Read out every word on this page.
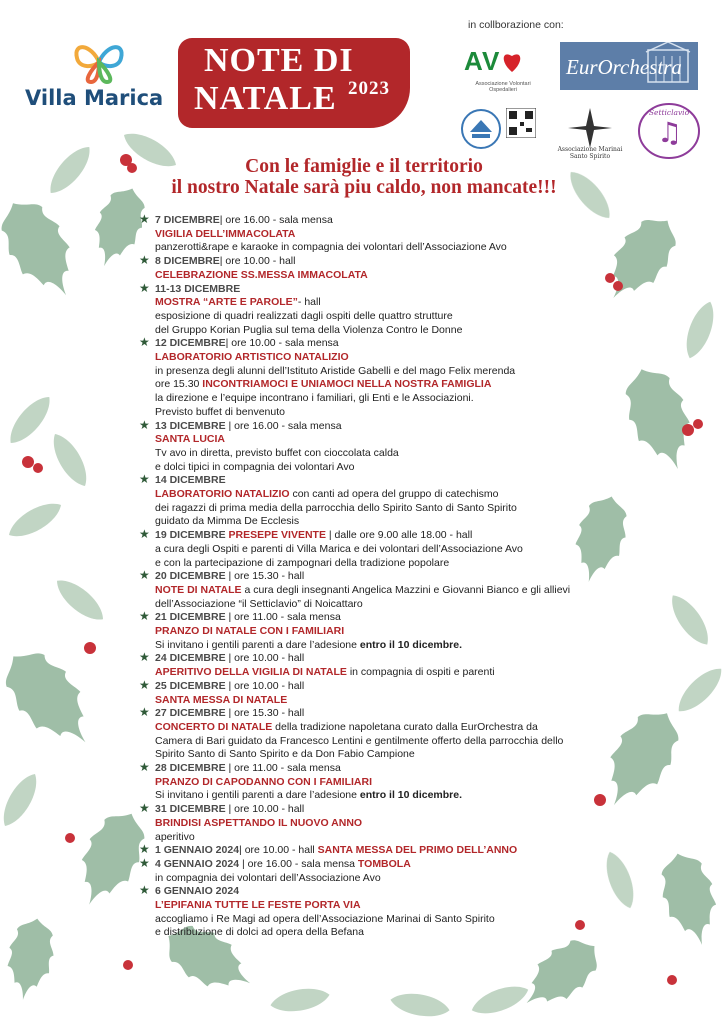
Villa Marica
NOTE DI
NATALE 2023
in collborazione con:
A V
Associazione Volontari Ospedalieri
EurOrchestra
Associazione Marinai Santo Spirito
♫
Setticlavio
Con le famiglie e il territorio
il nostro Natale sarà piu caldo, non mancate!!!
★ 7 DICEMBRE| ore 16.00 - sala mensa
VIGILIA DELL’IMMACOLATA
panzerotti&rape e karaoke in compagnia dei volontari dell’Associazione Avo
★ 8 DICEMBRE| ore 10.00 - hall
CELEBRAZIONE SS.MESSA IMMACOLATA
★ 11-13 DICEMBRE
MOSTRA “ARTE E PAROLE”- hall
esposizione di quadri realizzati dagli ospiti delle quattro strutture
del Gruppo Korian Puglia sul tema della Violenza Contro le Donne
★ 12 DICEMBRE| ore 10.00 - sala mensa
LABORATORIO ARTISTICO NATALIZIO
in presenza degli alunni dell’Istituto Aristide Gabelli e del mago Felix merenda
ore 15.30 INCONTRIAMOCI E UNIAMOCI NELLA NOSTRA FAMIGLIA
la direzione e l’equipe incontrano i familiari, gli Enti e le Associazioni.
Previsto buffet di benvenuto
★ 13 DICEMBRE | ore 16.00 - sala mensa
SANTA LUCIA
Tv avo in diretta, previsto buffet con cioccolata calda
e dolci tipici in compagnia dei volontari Avo
★ 14 DICEMBRE
LABORATORIO NATALIZIO con canti ad opera del gruppo di catechismo
dei ragazzi di prima media della parrocchia dello Spirito Santo di Santo Spirito
guidato da Mimma De Ecclesis
★ 19 DICEMBRE PRESEPE VIVENTE | dalle ore 9.00 alle 18.00 - hall
a cura degli Ospiti e parenti di Villa Marica e dei volontari dell’Associazione Avo
e con la partecipazione di zampognari della tradizione popolare
★ 20 DICEMBRE | ore 15.30 - hall
NOTE DI NATALE a cura degli insegnanti Angelica Mazzini e Giovanni Bianco e gli allievi
dell’Associazione “il Setticlavio” di Noicattaro
★ 21 DICEMBRE | ore 11.00 - sala mensa
PRANZO DI NATALE CON I FAMILIARI
Si invitano i gentili parenti a dare l’adesione entro il 10 dicembre.
★ 24 DICEMBRE | ore 10.00 - hall
APERITIVO DELLA VIGILIA DI NATALE in compagnia di ospiti e parenti
★ 25 DICEMBRE | ore 10.00 - hall
SANTA MESSA DI NATALE
★ 27 DICEMBRE | ore 15.30 - hall
CONCERTO DI NATALE della tradizione napoletana curato dalla EurOrchestra da
Camera di Bari guidato da Francesco Lentini e gentilmente offerto della parrocchia dello
Spirito Santo di Santo Spirito e da Don Fabio Campione
★ 28 DICEMBRE | ore 11.00 - sala mensa
PRANZO DI CAPODANNO CON I FAMILIARI
Si invitano i gentili parenti a dare l’adesione entro il 10 dicembre.
★ 31 DICEMBRE | ore 10.00 - hall
BRINDISI ASPETTANDO IL NUOVO ANNO
aperitivo
★ 1 GENNAIO 2024| ore 10.00 - hall SANTA MESSA DEL PRIMO DELL’ANNO
★ 4 GENNAIO 2024 | ore 16.00 - sala mensa TOMBOLA
in compagnia dei volontari dell’Associazione Avo
★ 6 GENNAIO 2024
L’EPIFANIA TUTTE LE FESTE PORTA VIA
accogliamo i Re Magi ad opera dell’Associazione Marinai di Santo Spirito
e distribuzione di dolci ad opera della Befana
